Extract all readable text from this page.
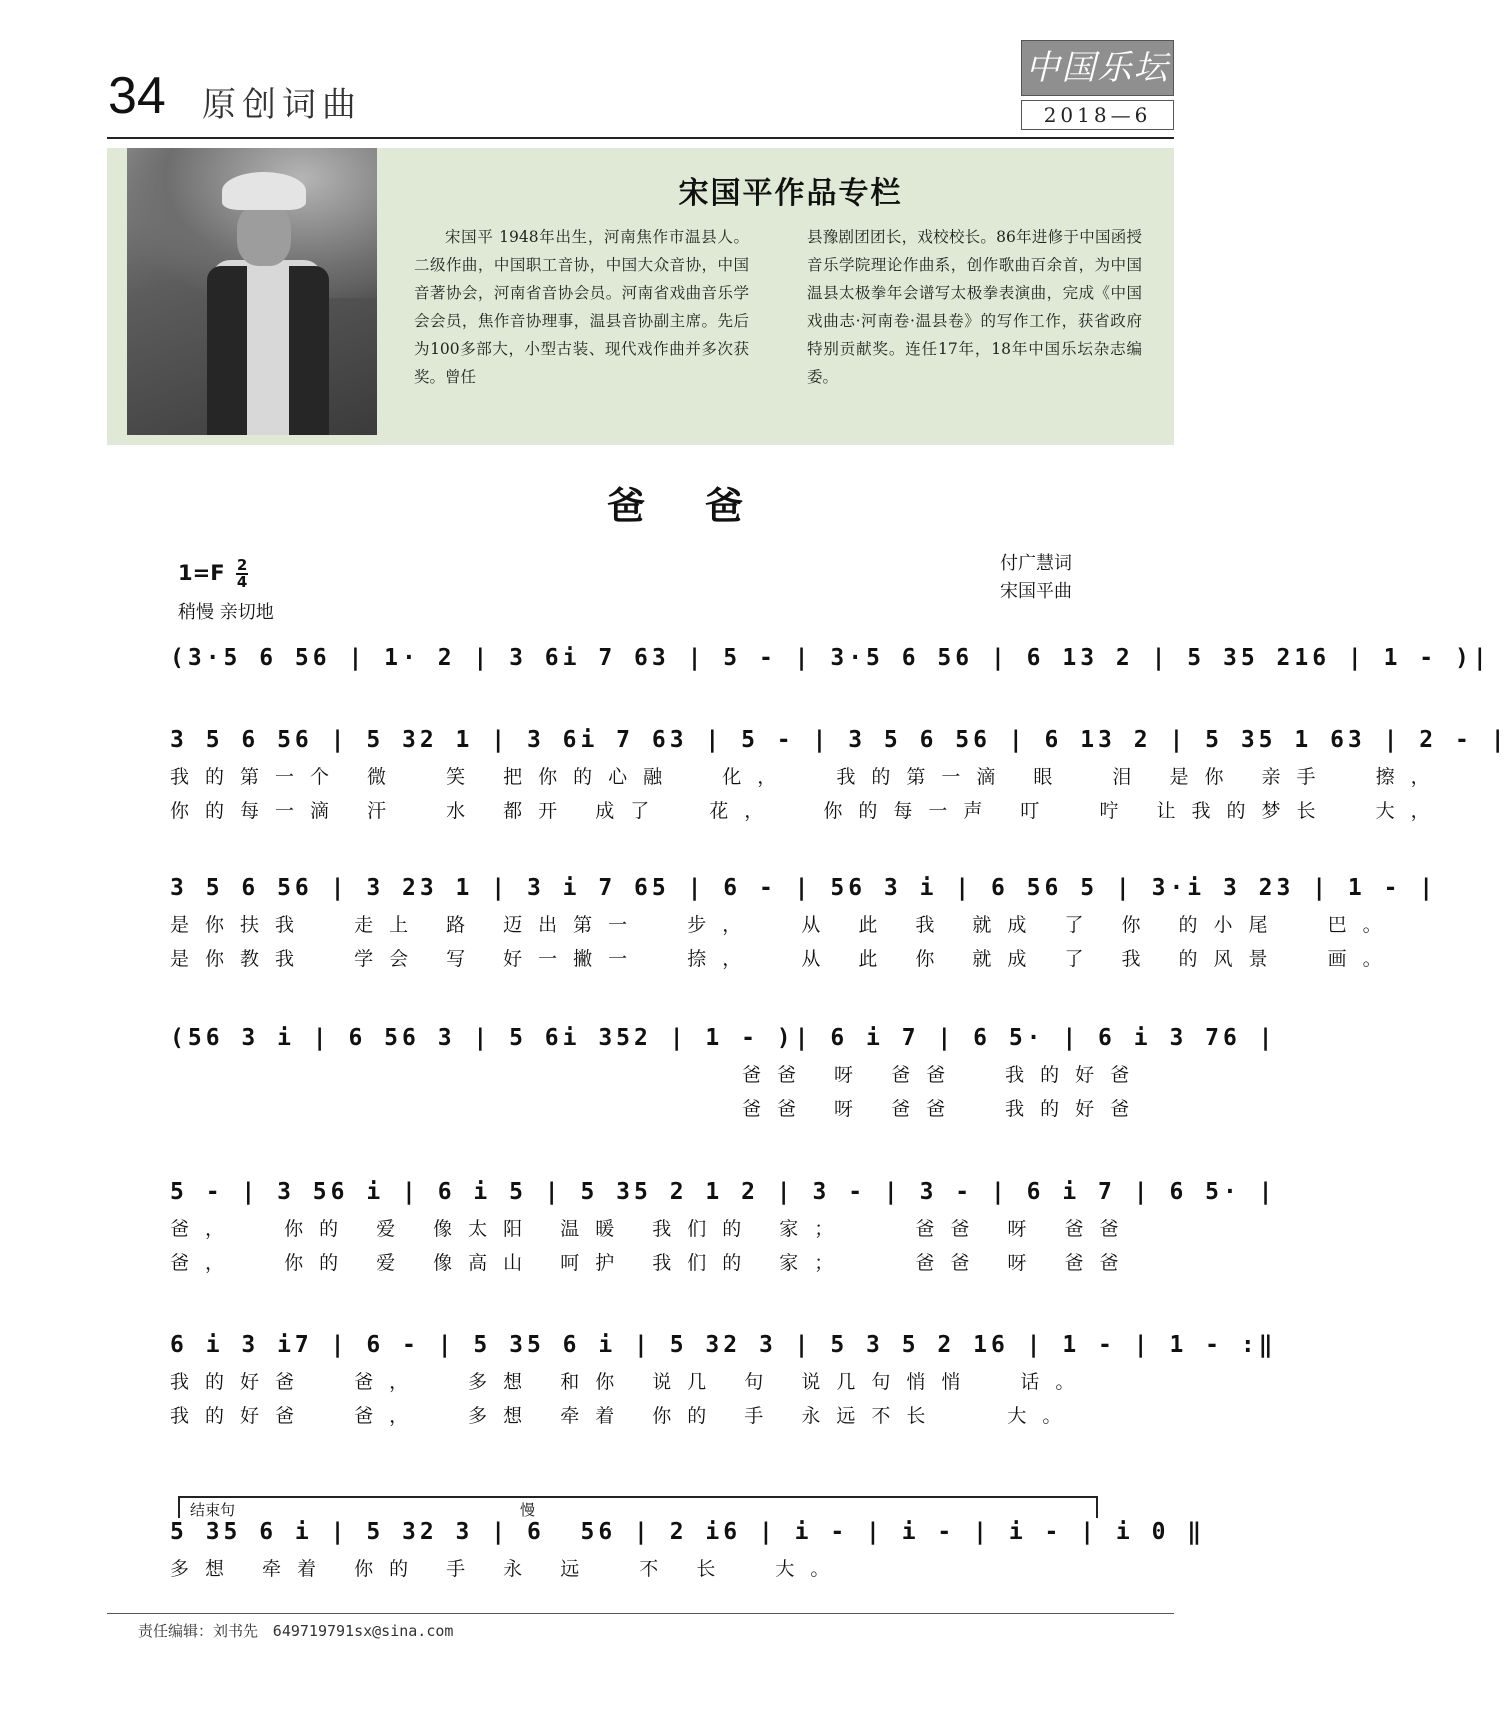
34 原创词曲
中国乐坛
2018—6
宋国平作品专栏
宋国平 1948年出生，河南焦作市温县人。二级作曲，中国职工音协，中国大众音协，中国音著协会，河南省音协会员。河南省戏曲音乐学会会员，焦作音协理事，温县音协副主席。先后为100多部大，小型古装、现代戏作曲并多次获奖。曾任
县豫剧团团长，戏校校长。86年进修于中国函授音乐学院理论作曲系，创作歌曲百余首，为中国温县太极拳年会谱写太极拳表演曲，完成《中国戏曲志·河南卷·温县卷》的写作工作，获省政府特别贡献奖。连任17年，18年中国乐坛杂志编委。
爸爸
$1=F \frac{2}{4}$
稍慢 亲切地
付广慧词
宋国平曲
(3·5 6 56 | 1· 2 | 3 6i 7 63 | 5 - | 3·5 6 56 | 6 13 2 | 5 35 216 | 1 - )|
3 5 6 56 | 5 32 1 | 3 6i 7 63 | 5 - | 3 5 6 56 | 6 13 2 | 5 35 1 63 | 2 - |
我的第一个 微  笑 把你的心融  化，  我的第一滴 眼  泪 是你 亲手  擦，
你的每一滴 汗  水 都开 成了  花，  你的每一声 叮  咛 让我的梦长  大，
3 5 6 56 | 3 23 1 | 3 i 7 65 | 6 - | 56 3 i | 6 56 5 | 3·i 3 23 | 1 - |
是你扶我  走上 路 迈出第一  步，  从 此 我 就成 了 你 的小尾  巴。
是你教我  学会 写 好一撇一  捺，  从 此 你 就成 了 我 的风景  画。
(56 3 i | 6 56 3 | 5 6i 352 | 1 - )| 6 i 7 | 6 5· | 6 i 3 76 |
爸爸 呀 爸爸  我的好爸
爸爸 呀 爸爸  我的好爸
5 - | 3 56 i | 6 i 5 | 5 35 2 1 2 | 3 - | 3 - | 6 i 7 | 6 5· |
爸，  你的 爱 像太阳 温暖 我们的 家；   爸爸 呀 爸爸
爸，  你的 爱 像高山 呵护 我们的 家；   爸爸 呀 爸爸
6 i 3 i7 | 6 - | 5 35 6 i | 5 32 3 | 5 3 5 2 16 | 1 - | 1 - :‖
我的好爸  爸，  多想 和你 说几 句 说几句悄悄  话。
我的好爸  爸，  多想 牵着 你的 手 永远不长   大。
结束句	慢
5 35 6 i | 5 32 3 | 6  56 | 2 i6 | i - | i - | i - | i 0 ‖
多想 牵着 你的 手 永 远  不 长  大。
责任编辑：刘书先 649719791sx@sina.com
